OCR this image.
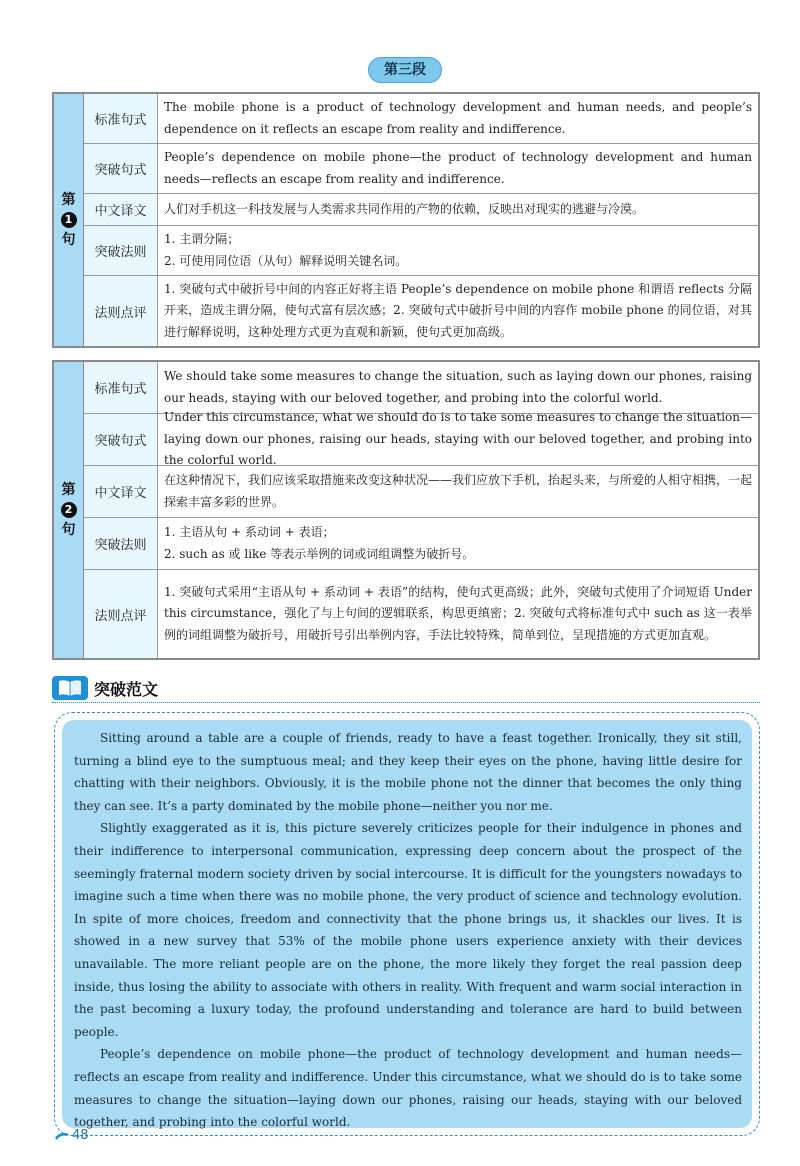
第三段
第
1
句
标准句式
The mobile phone is a product of technology development and human needs, and people’s dependence on it reflects an escape from reality and indifference.
突破句式
People’s dependence on mobile phone—the product of technology development and human needs—reflects an escape from reality and indifference.
中文译文	人们对手机这一科技发展与人类需求共同作用的产物的依赖，反映出对现实的逃避与冷漠。
突破法则
1. 主谓分隔；
2. 可使用同位语（从句）解释说明关键名词。
法则点评
1. 突破句式中破折号中间的内容正好将主语 People’s dependence on mobile phone 和谓语 reflects 分隔开来，造成主谓分隔，使句式富有层次感；2. 突破句式中破折号中间的内容作 mobile phone 的同位语，对其进行解释说明，这种处理方式更为直观和新颖，使句式更加高级。
第
2
句
标准句式
We should take some measures to change the situation, such as laying down our phones, raising our heads, staying with our beloved together, and probing into the colorful world.
突破句式
Under this circumstance, what we should do is to take some measures to change the situation—laying down our phones, raising our heads, staying with our beloved together, and probing into the colorful world.
中文译文
在这种情况下，我们应该采取措施来改变这种状况——我们应放下手机，抬起头来，与所爱的人相守相携，一起探索丰富多彩的世界。
突破法则
1. 主语从句 + 系动词 + 表语；
2. such as 或 like 等表示举例的词或词组调整为破折号。
法则点评
1. 突破句式采用“主语从句 + 系动词 + 表语”的结构，使句式更高级；此外，突破句式使用了介词短语 Under this circumstance，强化了与上句间的逻辑联系，构思更缜密；2. 突破句式将标准句式中 such as 这一表举例的词组调整为破折号，用破折号引出举例内容，手法比较特殊，简单到位，呈现措施的方式更加直观。
突破范文

Sitting around a table are a couple of friends, ready to have a feast together. Ironically, they sit still, turning a blind eye to the sumptuous meal; and they keep their eyes on the phone, having little desire for chatting with their neighbors. Obviously, it is the mobile phone not the dinner that becomes the only thing they can see. It’s a party dominated by the mobile phone—neither you nor me.

Slightly exaggerated as it is, this picture severely criticizes people for their indulgence in phones and their indifference to interpersonal communication, expressing deep concern about the prospect of the seemingly fraternal modern society driven by social intercourse. It is difficult for the youngsters nowadays to imagine such a time when there was no mobile phone, the very product of science and technology evolution. In spite of more choices, freedom and connectivity that the phone brings us, it shackles our lives. It is showed in a new survey that 53% of the mobile phone users experience anxiety with their devices unavailable. The more reliant people are on the phone, the more likely they forget the real passion deep inside, thus losing the ability to associate with others in reality. With frequent and warm social interaction in the past becoming a luxury today, the profound understanding and tolerance are hard to build between people.

People’s dependence on mobile phone—the product of technology development and human needs—reflects an escape from reality and indifference. Under this circumstance, what we should do is to take some measures to change the situation—laying down our phones, raising our heads, staying with our beloved together, and probing into the colorful world.

48
